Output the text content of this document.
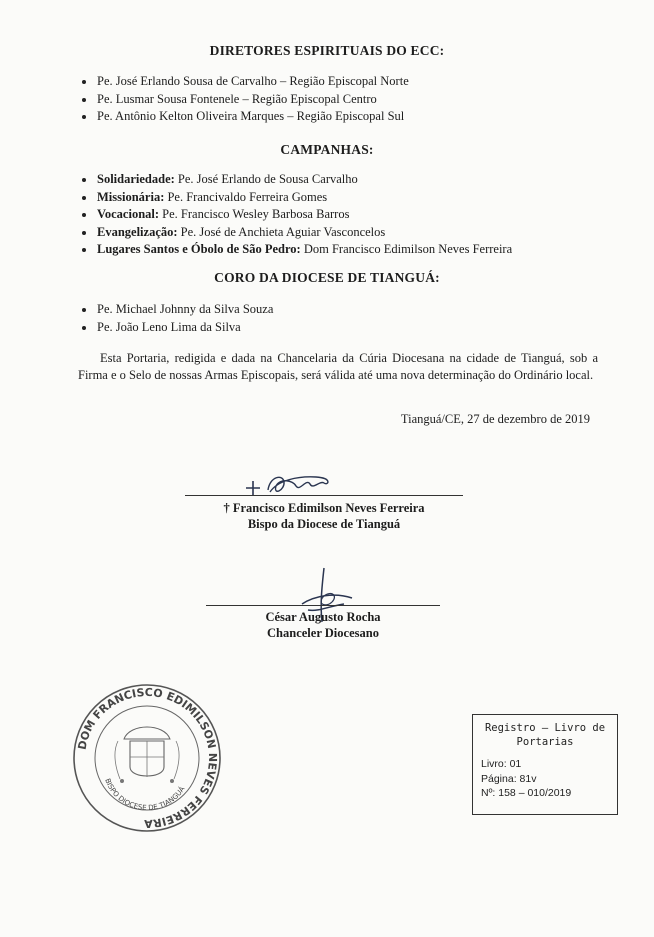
DIRETORES ESPIRITUAIS DO ECC:
Pe. José Erlando Sousa de Carvalho – Região Episcopal Norte
Pe. Lusmar Sousa Fontenele – Região Episcopal Centro
Pe. Antônio Kelton Oliveira Marques – Região Episcopal Sul
CAMPANHAS:
Solidariedade: Pe. José Erlando de Sousa Carvalho
Missionária: Pe. Francivaldo Ferreira Gomes
Vocacional: Pe. Francisco Wesley Barbosa Barros
Evangelização: Pe. José de Anchieta Aguiar Vasconcelos
Lugares Santos e Óbolo de São Pedro: Dom Francisco Edimilson Neves Ferreira
CORO DA DIOCESE DE TIANGUÁ:
Pe. Michael Johnny da Silva Souza
Pe. João Leno Lima da Silva
Esta Portaria, redigida e dada na Chancelaria da Cúria Diocesana na cidade de Tianguá, sob a Firma e o Selo de nossas Armas Episcopais, será válida até uma nova determinação do Ordinário local.
Tianguá/CE, 27 de dezembro de 2019
† Francisco Edimilson Neves Ferreira
Bispo da Diocese de Tianguá
César Augusto Rocha
Chanceler Diocesano
DOM FRANCISCO EDIMILSON NEVES FERREIRA
BISPO DIOCESE DE TIANGUÁ
Registro – Livro de
Portarias
Livro: 01
Página: 81v
Nº: 158 – 010/2019
